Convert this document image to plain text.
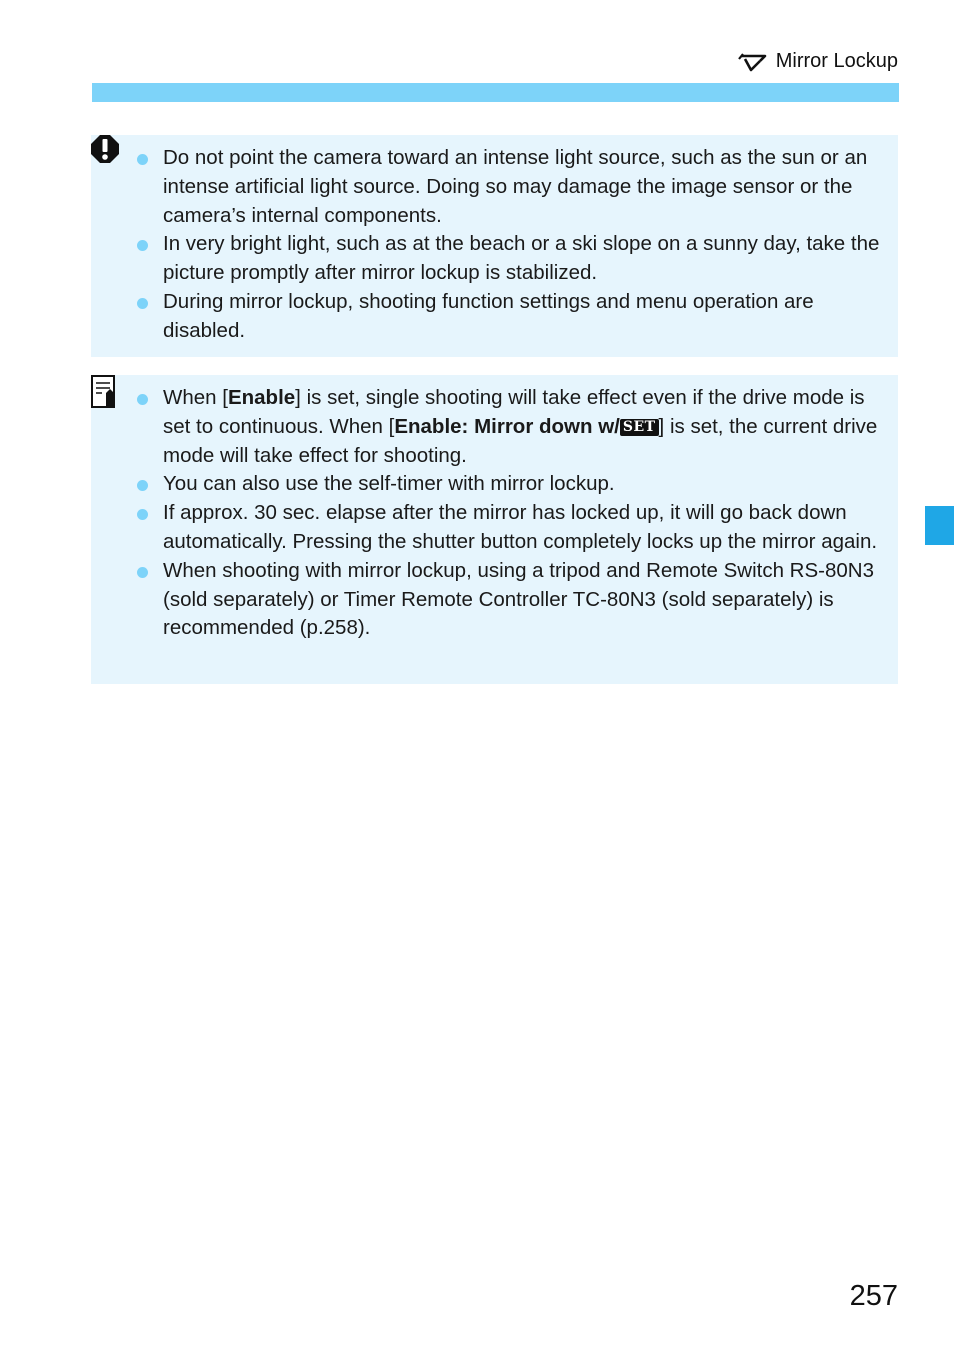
Mirror Lockup
Do not point the camera toward an intense light source, such as the sun or an intense artificial light source. Doing so may damage the image sensor or the camera’s internal components.
In very bright light, such as at the beach or a ski slope on a sunny day, take the picture promptly after mirror lockup is stabilized.
During mirror lockup, shooting function settings and menu operation are disabled.
When [Enable] is set, single shooting will take effect even if the drive mode is set to continuous. When [Enable: Mirror down w/ SET ] is set, the current drive mode will take effect for shooting.
You can also use the self-timer with mirror lockup.
If approx. 30 sec. elapse after the mirror has locked up, it will go back down automatically. Pressing the shutter button completely locks up the mirror again.
When shooting with mirror lockup, using a tripod and Remote Switch RS-80N3 (sold separately) or Timer Remote Controller TC-80N3 (sold separately) is recommended (p.258).
257
